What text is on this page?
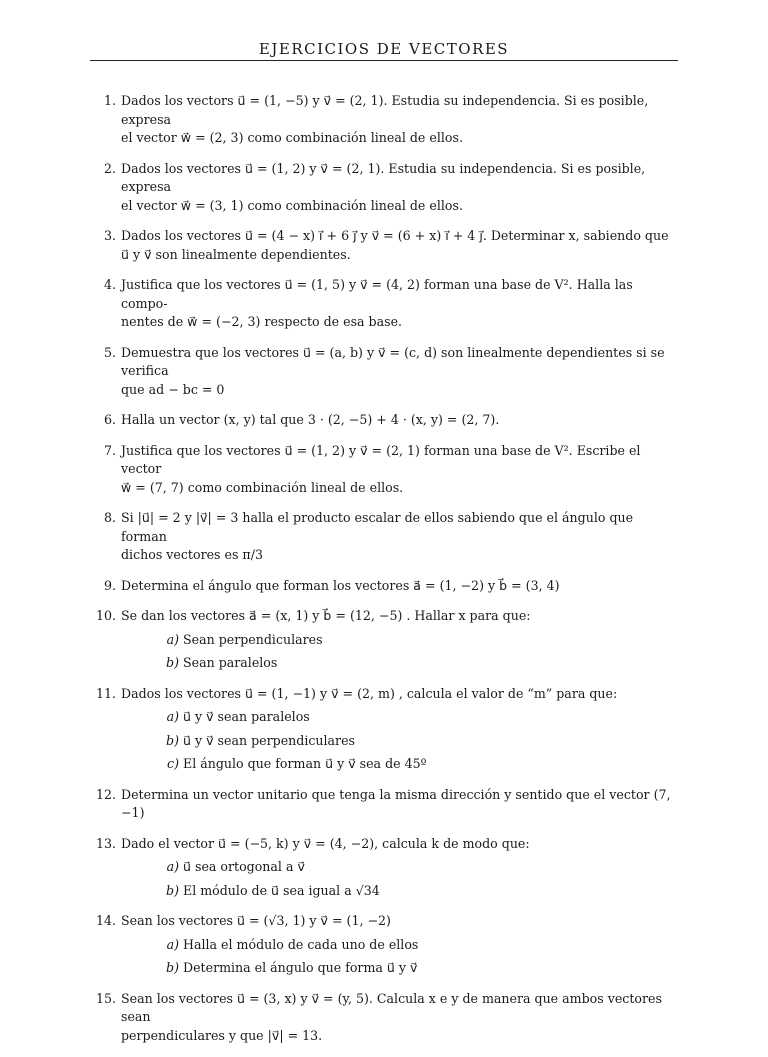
EJERCICIOS DE VECTORES
1. Dados los vectors u⃗ = (1, −5) y v⃗ = (2, 1). Estudia su independencia. Si es posible, expresa
el vector w⃗ = (2, 3) como combinación lineal de ellos.
2. Dados los vectores u⃗ = (1, 2) y v⃗ = (2, 1). Estudia su independencia. Si es posible, expresa
el vector w⃗ = (3, 1) como combinación lineal de ellos.
3. Dados los vectores u⃗ = (4 − x) i⃗ + 6 j⃗ y v⃗ = (6 + x) i⃗ + 4 j⃗. Determinar x, sabiendo que
u⃗ y v⃗ son linealmente dependientes.
4. Justifica que los vectores u⃗ = (1, 5) y v⃗ = (4, 2) forman una base de V². Halla las compo-
nentes de w⃗ = (−2, 3) respecto de esa base.
5. Demuestra que los vectores u⃗ = (a, b) y v⃗ = (c, d) son linealmente dependientes si se verifica
que ad − bc = 0
6. Halla un vector (x, y) tal que 3 · (2, −5) + 4 · (x, y) = (2, 7).
7. Justifica que los vectores u⃗ = (1, 2) y v⃗ = (2, 1) forman una base de V². Escribe el vector
w⃗ = (7, 7) como combinación lineal de ellos.
8. Si |u⃗| = 2 y |v⃗| = 3 halla el producto escalar de ellos sabiendo que el ángulo que forman
dichos vectores es π/3
9. Determina el ángulo que forman los vectores a⃗ = (1, −2) y b⃗ = (3, 4)
10. Se dan los vectores a⃗ = (x, 1) y b⃗ = (12, −5) . Hallar x para que:
a) Sean perpendiculares
b) Sean paralelos
11. Dados los vectores u⃗ = (1, −1) y v⃗ = (2, m) , calcula el valor de “m” para que:
a) u⃗ y v⃗ sean paralelos
b) u⃗ y v⃗ sean perpendiculares
c) El ángulo que forman u⃗ y v⃗ sea de 45º
12. Determina un vector unitario que tenga la misma dirección y sentido que el vector (7, −1)
13. Dado el vector u⃗ = (−5, k) y v⃗ = (4, −2), calcula k de modo que:
a) u⃗ sea ortogonal a v⃗
b) El módulo de u⃗ sea igual a √34
14. Sean los vectores u⃗ = (√3, 1) y v⃗ = (1, −2)
a) Halla el módulo de cada uno de ellos
b) Determina el ángulo que forma u⃗ y v⃗
15. Sean los vectores u⃗ = (3, x) y v⃗ = (y, 5). Calcula x e y de manera que ambos vectores sean
perpendiculares y que |v⃗| = 13.
